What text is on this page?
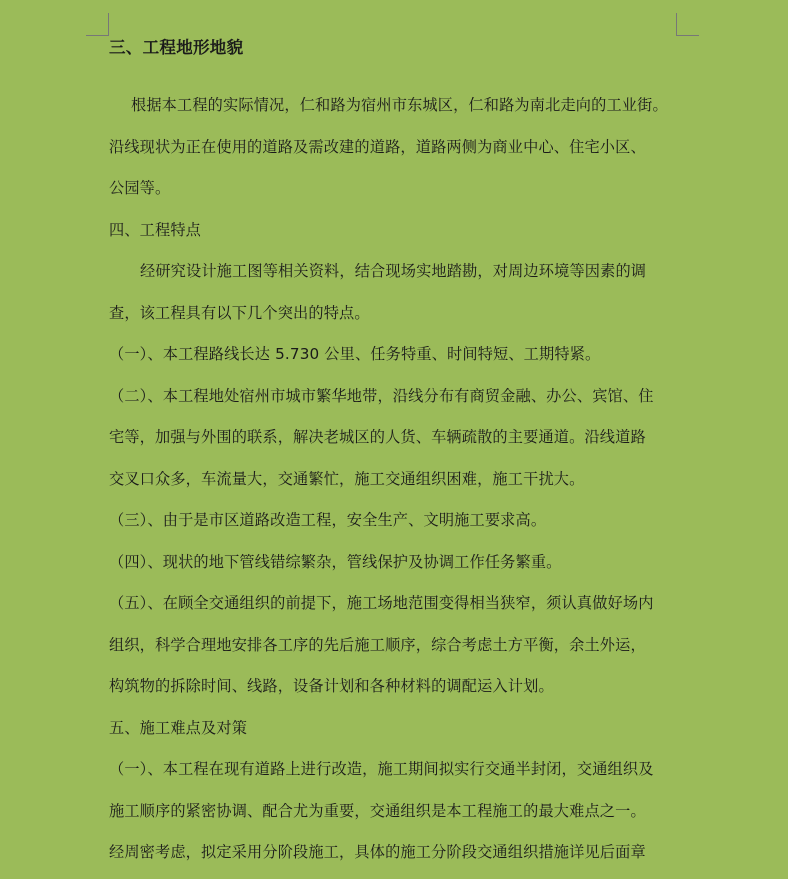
三、工程地形地貌
根据本工程的实际情况，仁和路为宿州市东城区，仁和路为南北走向的工业街。
沿线现状为正在使用的道路及需改建的道路，道路两侧为商业中心、住宅小区、
公园等。
四、工程特点
经研究设计施工图等相关资料，结合现场实地踏勘，对周边环境等因素的调
查，该工程具有以下几个突出的特点。
（一）、本工程路线长达 5.730 公里、任务特重、时间特短、工期特紧。
（二）、本工程地处宿州市城市繁华地带，沿线分布有商贸金融、办公、宾馆、住
宅等，加强与外围的联系，解决老城区的人货、车辆疏散的主要通道。沿线道路
交叉口众多，车流量大，交通繁忙，施工交通组织困难，施工干扰大。
（三）、由于是市区道路改造工程，安全生产、文明施工要求高。
（四）、现状的地下管线错综繁杂，管线保护及协调工作任务繁重。
（五）、在顾全交通组织的前提下，施工场地范围变得相当狭窄，须认真做好场内
组织，科学合理地安排各工序的先后施工顺序，综合考虑土方平衡，余土外运，
构筑物的拆除时间、线路，设备计划和各种材料的调配运入计划。
五、施工难点及对策
（一）、本工程在现有道路上进行改造，施工期间拟实行交通半封闭，交通组织及
施工顺序的紧密协调、配合尤为重要，交通组织是本工程施工的最大难点之一。
经周密考虑，拟定采用分阶段施工，具体的施工分阶段交通组织措施详见后面章
